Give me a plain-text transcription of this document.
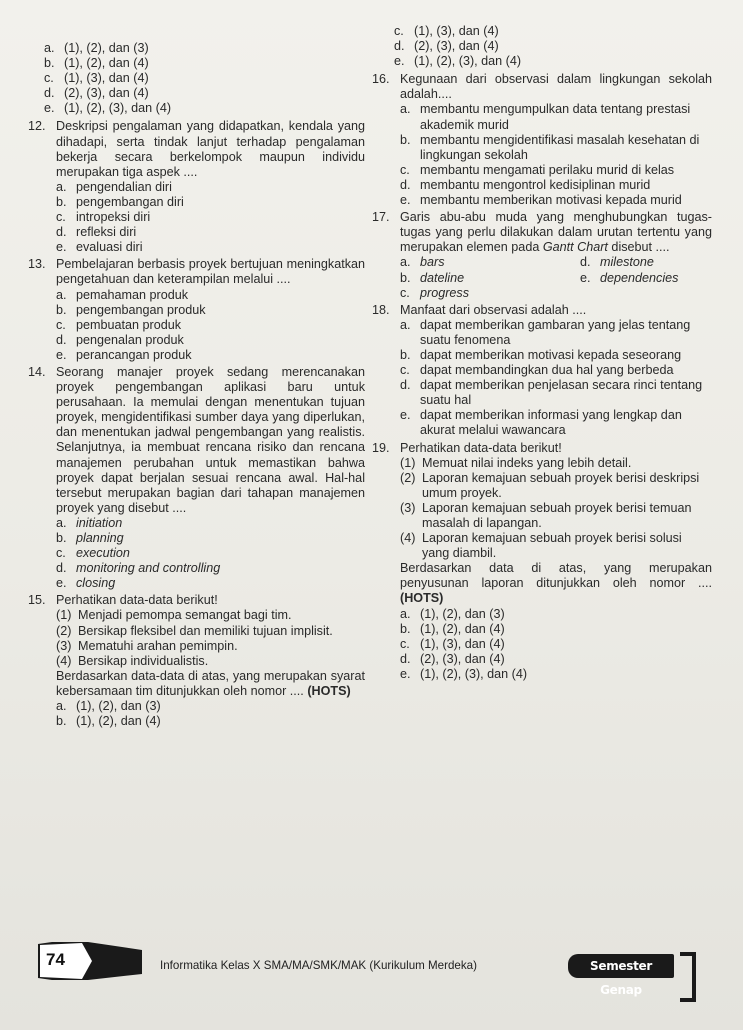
a. (1), (2), dan (3)
b. (1), (2), dan (4)
c. (1), (3), dan (4)
d. (2), (3), dan (4)
e. (1), (2), (3), dan (4)
12. Deskripsi pengalaman yang didapatkan, kendala yang dihadapi, serta tindak lanjut terhadap pengalaman bekerja secara berkelompok maupun individu merupakan tiga aspek ....
a. pengendalian diri
b. pengembangan diri
c. intropeksi diri
d. refleksi diri
e. evaluasi diri
13. Pembelajaran berbasis proyek bertujuan meningkatkan pengetahuan dan keterampilan melalui ....
a. pemahaman produk
b. pengembangan produk
c. pembuatan produk
d. pengenalan produk
e. perancangan produk
14. Seorang manajer proyek sedang merencanakan proyek pengembangan aplikasi baru untuk perusahaan. Ia memulai dengan menentukan tujuan proyek, mengidentifikasi sumber daya yang diperlukan, dan menentukan jadwal pengembangan yang realistis. Selanjutnya, ia membuat rencana risiko dan rencana manajemen perubahan untuk memastikan bahwa proyek dapat berjalan sesuai rencana awal. Hal-hal tersebut merupakan bagian dari tahapan manajemen proyek yang disebut ....
a. initiation
b. planning
c. execution
d. monitoring and controlling
e. closing
15. Perhatikan data-data berikut!
(1) Menjadi pemompa semangat bagi tim.
(2) Bersikap fleksibel dan memiliki tujuan implisit.
(3) Mematuhi arahan pemimpin.
(4) Bersikap individualistis.
Berdasarkan data-data di atas, yang merupakan syarat kebersamaan tim ditunjukkan oleh nomor .... (HOTS)
a. (1), (2), dan (3)
b. (1), (2), dan (4)
c. (1), (3), dan (4)
d. (2), (3), dan (4)
e. (1), (2), (3), dan (4)
16. Kegunaan dari observasi dalam lingkungan sekolah adalah....
a. membantu mengumpulkan data tentang prestasi akademik murid
b. membantu mengidentifikasi masalah kesehatan di lingkungan sekolah
c. membantu mengamati perilaku murid di kelas
d. membantu mengontrol kedisiplinan murid
e. membantu memberikan motivasi kepada murid
17. Garis abu-abu muda yang menghubungkan tugas-tugas yang perlu dilakukan dalam urutan tertentu yang merupakan elemen pada Gantt Chart disebut ....
a. bars
b. dateline
c. progress
d. milestone
e. dependencies
18. Manfaat dari observasi adalah ....
a. dapat memberikan gambaran yang jelas tentang suatu fenomena
b. dapat memberikan motivasi kepada seseorang
c. dapat membandingkan dua hal yang berbeda
d. dapat memberikan penjelasan secara rinci tentang suatu hal
e. dapat memberikan informasi yang lengkap dan akurat melalui wawancara
19. Perhatikan data-data berikut!
(1) Memuat nilai indeks yang lebih detail.
(2) Laporan kemajuan sebuah proyek berisi deskripsi umum proyek.
(3) Laporan kemajuan sebuah proyek berisi temuan masalah di lapangan.
(4) Laporan kemajuan sebuah proyek berisi solusi yang diambil.
Berdasarkan data di atas, yang merupakan penyusunan laporan ditunjukkan oleh nomor .... (HOTS)
a. (1), (2), dan (3)
b. (1), (2), dan (4)
c. (1), (3), dan (4)
d. (2), (3), dan (4)
e. (1), (2), (3), dan (4)
74	Informatika Kelas X SMA/MA/SMK/MAK (Kurikulum Merdeka)	Semester Genap
